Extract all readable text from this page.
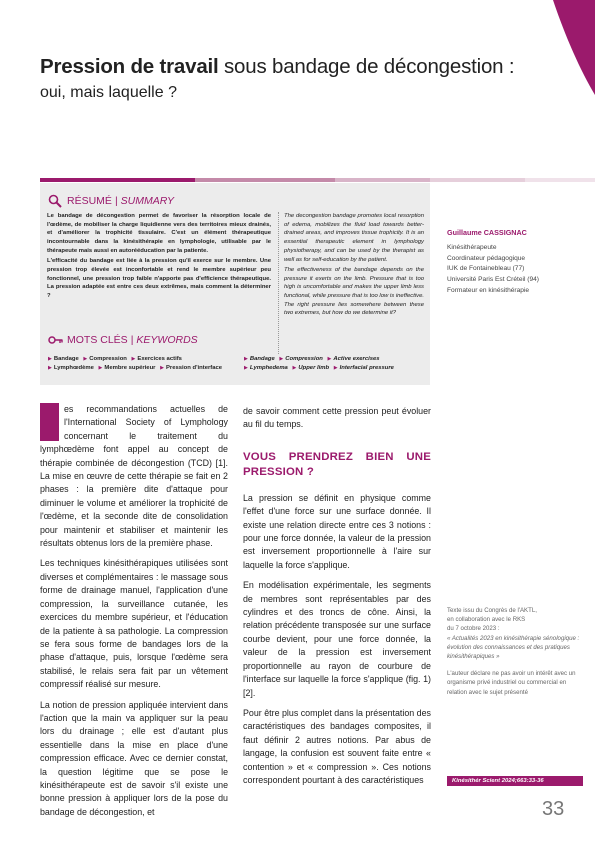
Pression de travail sous bandage de décongestion :
oui, mais laquelle ?
RÉSUMÉ | SUMMARY

Le bandage de décongestion permet de favoriser la résorption locale de l'œdème, de mobiliser la charge liquidienne vers des territoires mieux drainés, et d'améliorer la trophicité tissulaire. C'est un élément thérapeutique incontournable dans la kinésithérapie en lymphologie, utilisable par le thérapeute mais aussi en autorééducation par la patiente.

L'efficacité du bandage est liée à la pression qu'il exerce sur le membre. Une pression trop élevée est inconfortable et rend le membre supérieur peu fonctionnel, une pression trop faible n'apporte pas d'efficience thérapeutique. La pression adaptée est entre ces deux extrêmes, mais comment la déterminer ?

The decongestion bandage promotes local resorption of edema, mobilizes the fluid load towards better-drained areas, and improves tissue trophicity. It is an essential therapeutic element in lymphology physiotherapy, and can be used by the therapist as well as for self-education by the patient.

The effectiveness of the bandage depends on the pressure it exerts on the limb. Pressure that is too high is uncomfortable and makes the upper limb less functional, while pressure that is too low is ineffective. The right pressure lies somewhere between these two extremes, but how do we determine it?

MOTS CLÉS | KEYWORDS
▶ Bandage ▶ Compression ▶ Exercices actifs
▶ Lymphœdème ▶ Membre supérieur ▶ Pression d'interface
▶ Bandage ▶ Compression ▶ Active exercises
▶ Lymphedema ▶ Upper limb ▶ Interfacial pressure
Guillaume CASSIGNAC
Kinésithérapeute
Coordinateur pédagogique
IUK de Fontainebleau (77)
Université Paris Est Créteil (94)
Formateur en kinésithérapie

es recommandations actuelles de l'International Society of Lymphology concernant le traitement du lymphœdème font appel au concept de thérapie combinée de décongestion (TCD) [1]. La mise en œuvre de cette thérapie se fait en 2 phases : la première dite d'attaque pour diminuer le volume et améliorer la trophicité de l'œdème, et la seconde dite de consolidation pour maintenir et stabiliser et maintenir les résultats obtenus lors de la première phase.

Les techniques kinésithérapiques utilisées sont diverses et complémentaires : le massage sous forme de drainage manuel, l'application d'une compression, la surveillance cutanée, les exercices du membre supérieur, et l'éducation de la patiente à sa pathologie. La compression se fera sous forme de bandages lors de la phase d'attaque, puis, lorsque l'œdème sera stabilisé, le relais sera fait par un vêtement compressif réalisé sur mesure.

La notion de pression appliquée intervient dans l'action que la main va appliquer sur la peau lors du drainage ; elle est d'autant plus essentielle dans la mise en place d'une compression efficace. Avec ce dernier constat, la question légitime que se pose le kinésithérapeute est de savoir s'il existe une bonne pression à appliquer lors de la pose du bandage de décongestion, et

de savoir comment cette pression peut évoluer au fil du temps.

VOUS PRENDREZ BIEN UNE PRESSION ?

La pression se définit en physique comme l'effet d'une force sur une surface donnée. Il existe une relation directe entre ces 3 notions : pour une force donnée, la valeur de la pression est inversement proportionnelle à l'aire sur laquelle la force s'applique.

En modélisation expérimentale, les segments de membres sont représentables par des cylindres et des troncs de cône. Ainsi, la relation précédente transposée sur une surface courbe devient, pour une force donnée, la valeur de la pression est inversement proportionnelle au rayon de courbure de l'interface sur laquelle la force s'applique (fig. 1) [2].

Pour être plus complet dans la présentation des caractéristiques des bandages composites, il faut définir 2 autres notions. Par abus de langage, la confusion est souvent faite entre « contention » et « compression ». Ces notions correspondent pourtant à des caractéristiques

Texte issu du Congrès de l'AKTL,
en collaboration avec le RKS
du 7 octobre 2023 :
« Actualités 2023 en kinésithérapie sénologique : évolution des connaissances et des pratiques kinésithérapiques »

L'auteur déclare ne pas avoir un intérêt avec un organisme privé industriel ou commercial en relation avec le sujet présenté

Kinésithér Scient 2024;663:33-36
33
